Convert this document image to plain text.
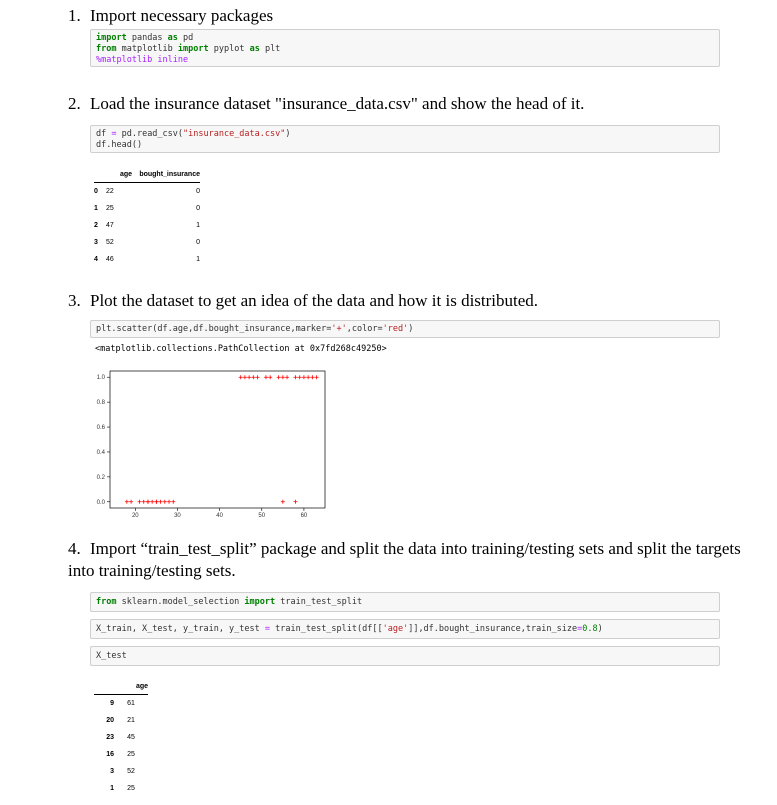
1. Import necessary packages
import pandas as pd
from matplotlib import pyplot as plt
%matplotlib inline
2. Load the insurance dataset "insurance_data.csv" and show the head of it.
df = pd.read_csv("insurance_data.csv")
df.head()
	age	bought_insurance
0	22	0
1	25	0
2	47	1
3	52	0
4	46	1
3. Plot the dataset to get an idea of the data and how it is distributed.
plt.scatter(df.age,df.bought_insurance,marker='+',color='red')
<matplotlib.collections.PathCollection at 0x7fd268c49250>
20	30	40	50	60
0.0
0.2
0.4
0.6
0.8
1.0
4. Import “train_test_split” package and split the data into training/testing sets and split the targets into training/testing sets.
from sklearn.model_selection import train_test_split
X_train, X_test, y_train, y_test = train_test_split(df[['age']],df.bought_insurance,train_size=0.8)
X_test
	age
9	61
20	21
23	45
16	25
3	52
1	25
